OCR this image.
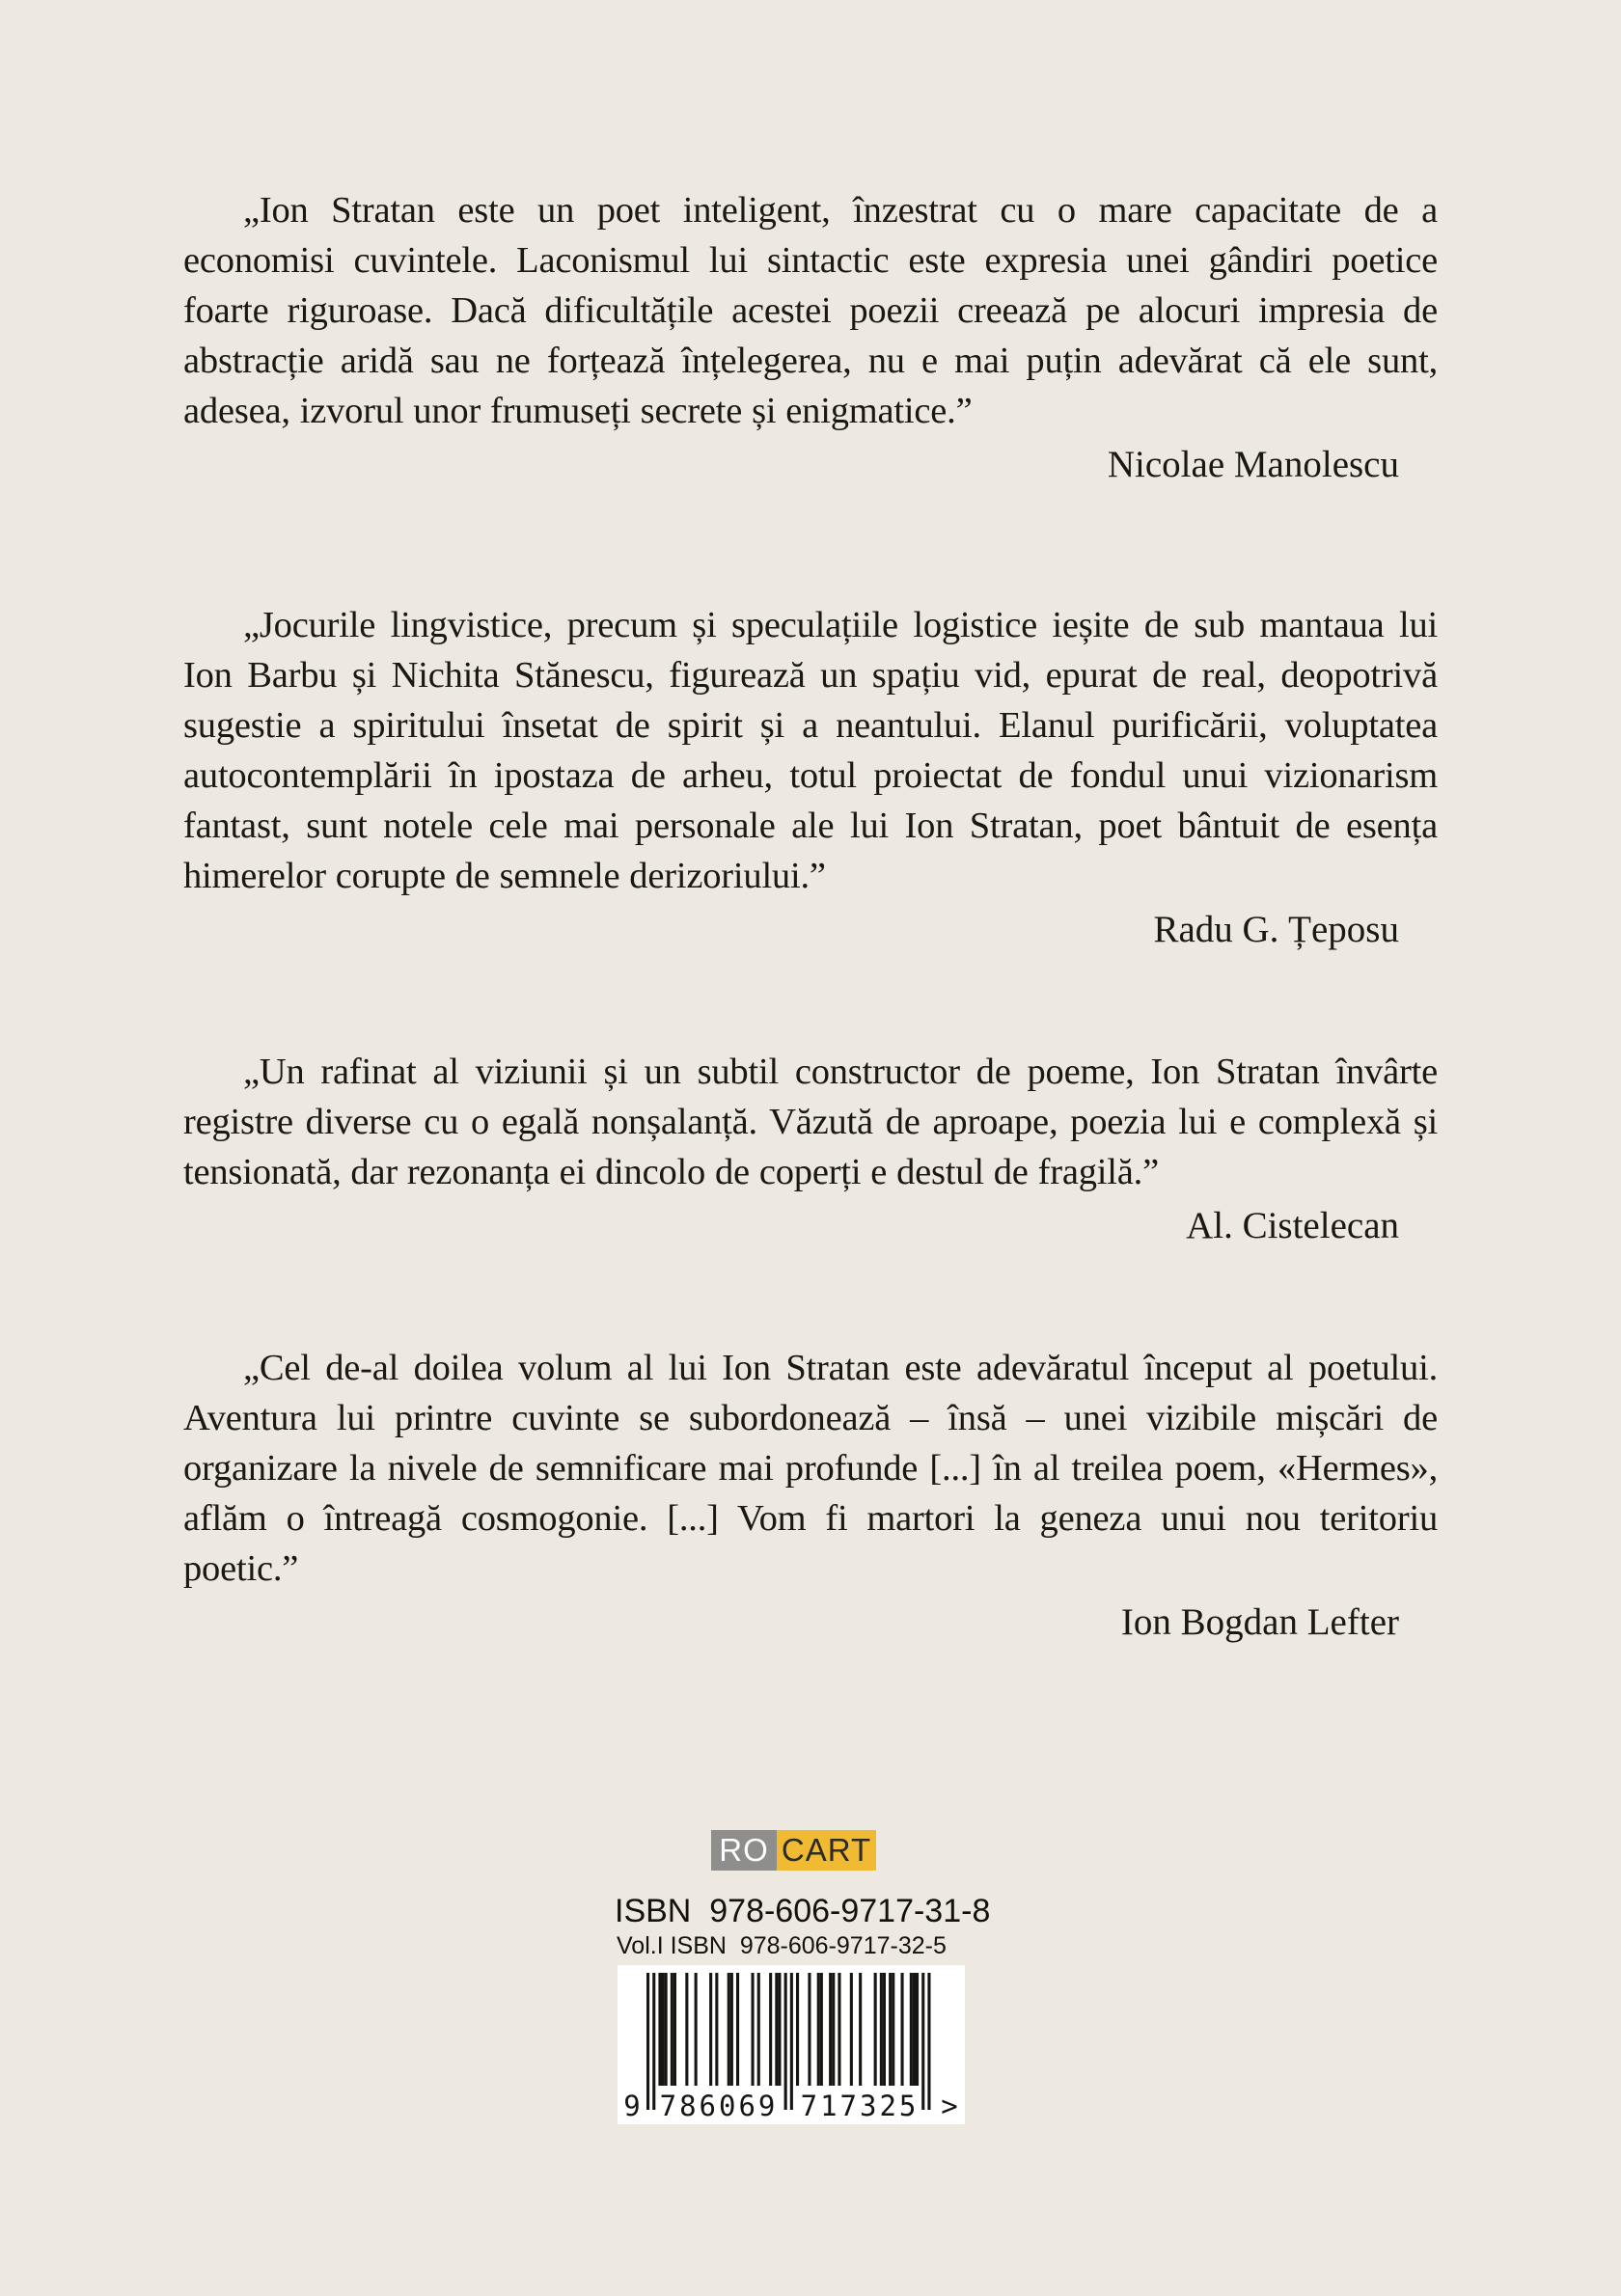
„Ion Stratan este un poet inteligent, înzestrat cu o mare capacitate de a economisi cuvintele. Laconismul lui sintactic este expresia unei gândiri poetice foarte riguroase. Dacă dificultățile acestei poezii creează pe alocuri impresia de abstracție aridă sau ne forțează înțelegerea, nu e mai puțin adevărat că ele sunt, adesea, izvorul unor frumuseți secrete și enigmatice.”

Nicolae Manolescu

„Jocurile lingvistice, precum și speculațiile logistice ieșite de sub mantaua lui Ion Barbu și Nichita Stănescu, figurează un spațiu vid, epurat de real, deopotrivă sugestie a spiritului însetat de spirit și a neantului. Elanul purificării, voluptatea autocontemplării în ipostaza de arheu, totul proiectat de fondul unui vizionarism fantast, sunt notele cele mai personale ale lui Ion Stratan, poet bântuit de esența himerelor corupte de semnele derizoriului.”

Radu G. Țeposu

„Un rafinat al viziunii și un subtil constructor de poeme, Ion Stratan învârte registre diverse cu o egală nonșalanță. Văzută de aproape, poezia lui e complexă și tensionată, dar rezonanța ei dincolo de coperți e destul de fragilă.”

Al. Cistelecan

„Cel de-al doilea volum al lui Ion Stratan este adevăratul început al poetului. Aventura lui printre cuvinte se subordonează – însă – unei vizibile mișcări de organizare la nivele de semnificare mai profunde [...] în al treilea poem, «Hermes», aflăm o întreagă cosmogonie. [...] Vom fi martori la geneza unui nou teritoriu poetic.”

Ion Bogdan Lefter

RO CART
ISBN  978-606-9717-31-8
Vol.I ISBN  978-606-9717-32-5
9 786069 717325 >
